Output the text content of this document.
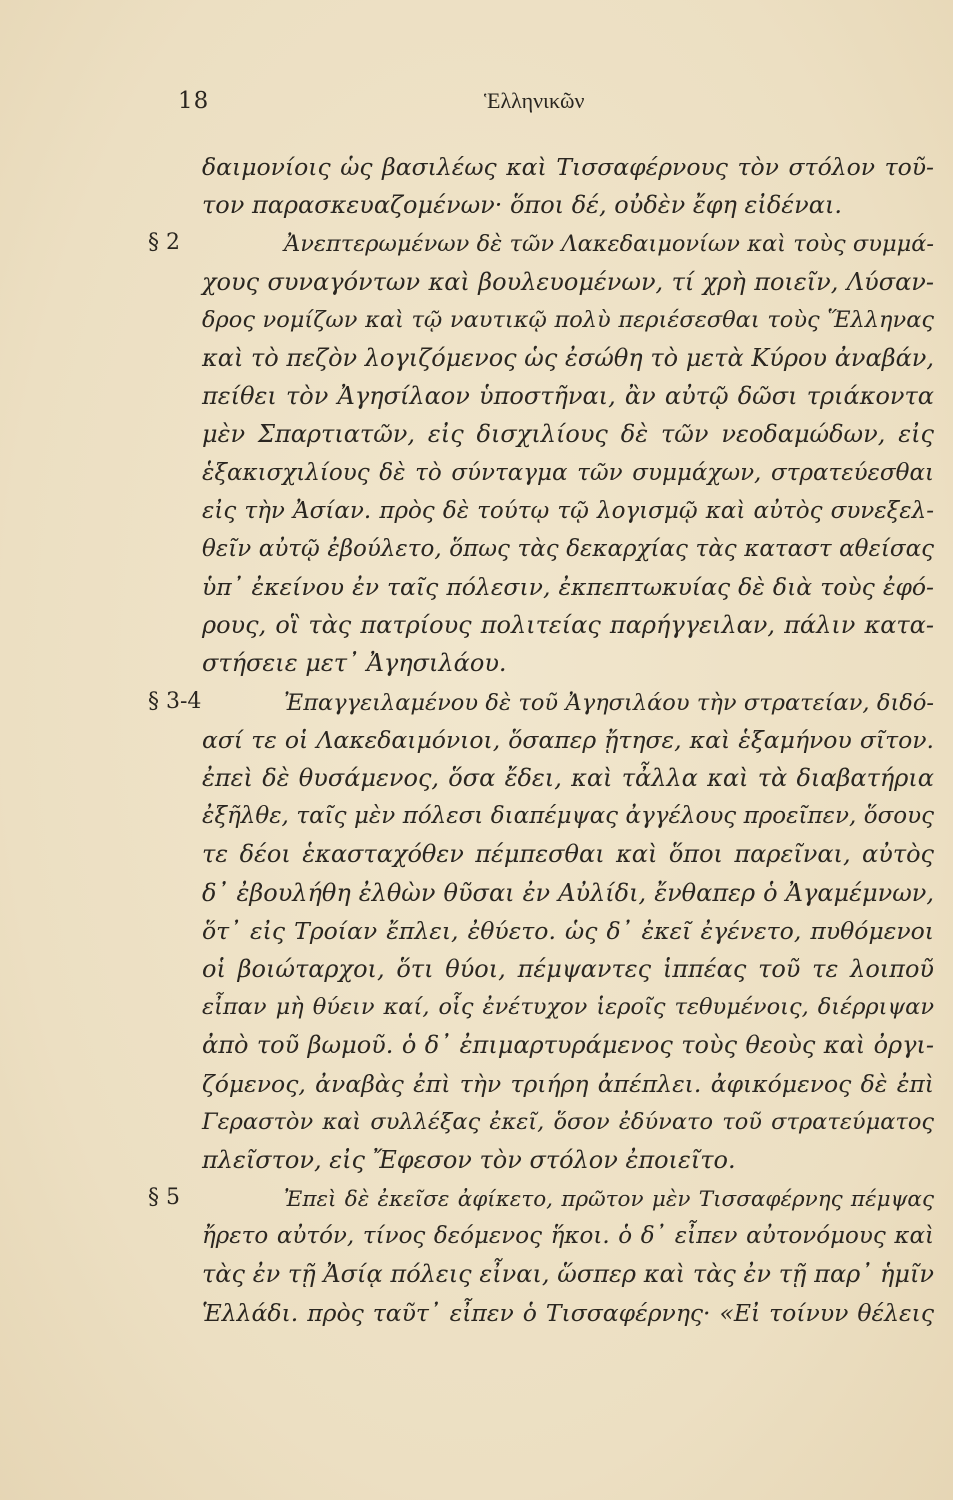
18	Ἑλληνικῶν
δαιμονίοις ὡς βασιλέως καὶ Τισσαφέρνους τὸν στόλον τοῦ-
τον παρασκευαζομένων· ὅποι δέ, οὐδὲν ἔφη εἰδέναι.
§ 2	Ἀνεπτερωμένων δὲ τῶν Λακεδαιμονίων καὶ τοὺς συμμά-
χους συναγόντων καὶ βουλευομένων, τί χρὴ ποιεῖν, Λύσαν-
δρος νομίζων καὶ τῷ ναυτικῷ πολὺ περιέσεσθαι τοὺς Ἕλληνας
καὶ τὸ πεζὸν λογιζόμενος ὡς ἐσώθη τὸ μετὰ Κύρου ἀναβάν,
πείθει τὸν Ἀγησίλαον ὑποστῆναι, ἂν αὐτῷ δῶσι τριάκοντα
μὲν Σπαρτιατῶν, εἰς δισχιλίους δὲ τῶν νεοδαμώδων, εἰς
ἑξακισχιλίους δὲ τὸ σύνταγμα τῶν συμμάχων, στρατεύεσθαι
εἰς τὴν Ἀσίαν. πρὸς δὲ τούτῳ τῷ λογισμῷ καὶ αὐτὸς συνεξελ-
θεῖν αὐτῷ ἐβούλετο, ὅπως τὰς δεκαρχίας τὰς καταστ αθείσας
ὑπ᾽ ἐκείνου ἐν ταῖς πόλεσιν, ἐκπεπτωκυίας δὲ διὰ τοὺς ἐφό-
ρους, οἳ τὰς πατρίους πολιτείας παρήγγειλαν, πάλιν κατα-
στήσειε μετ᾽ Ἀγησιλάου.
§ 3-4	Ἐπαγγειλαμένου δὲ τοῦ Ἀγησιλάου τὴν στρατείαν, διδό-
ασί τε οἱ Λακεδαιμόνιοι, ὅσαπερ ᾔτησε, καὶ ἑξαμήνου σῖτον.
ἐπεὶ δὲ θυσάμενος, ὅσα ἔδει, καὶ τἆλλα καὶ τὰ διαβατήρια
ἐξῆλθε, ταῖς μὲν πόλεσι διαπέμψας ἀγγέλους προεῖπεν, ὅσους
τε δέοι ἑκασταχόθεν πέμπεσθαι καὶ ὅποι παρεῖναι, αὐτὸς
δ᾽ ἐβουλήθη ἐλθὼν θῦσαι ἐν Αὐλίδι, ἔνθαπερ ὁ Ἀγαμέμνων,
ὅτ᾽ εἰς Τροίαν ἔπλει, ἐθύετο. ὡς δ᾽ ἐκεῖ ἐγένετο, πυθόμενοι
οἱ βοιώταρχοι, ὅτι θύοι, πέμψαντες ἱππέας τοῦ τε λοιποῦ
εἶπαν μὴ θύειν καί, οἷς ἐνέτυχον ἱεροῖς τεθυμένοις, διέρριψαν
ἀπὸ τοῦ βωμοῦ. ὁ δ᾽ ἐπιμαρτυράμενος τοὺς θεοὺς καὶ ὀργι-
ζόμενος, ἀναβὰς ἐπὶ τὴν τριήρη ἀπέπλει. ἀφικόμενος δὲ ἐπὶ
Γεραστὸν καὶ συλλέξας ἐκεῖ, ὅσον ἐδύνατο τοῦ στρατεύματος
πλεῖστον, εἰς Ἔφεσον τὸν στόλον ἐποιεῖτο.
§ 5	Ἐπεὶ δὲ ἐκεῖσε ἀφίκετο, πρῶτον μὲν Τισσαφέρνης πέμψας
ἤρετο αὐτόν, τίνος δεόμενος ἥκοι. ὁ δ᾽ εἶπεν αὐτονόμους καὶ
τὰς ἐν τῇ Ἀσίᾳ πόλεις εἶναι, ὥσπερ καὶ τὰς ἐν τῇ παρ᾽ ἡμῖν
Ἑλλάδι. πρὸς ταῦτ᾽ εἶπεν ὁ Τισσαφέρνης· «Εἰ τοίνυν θέλεις
